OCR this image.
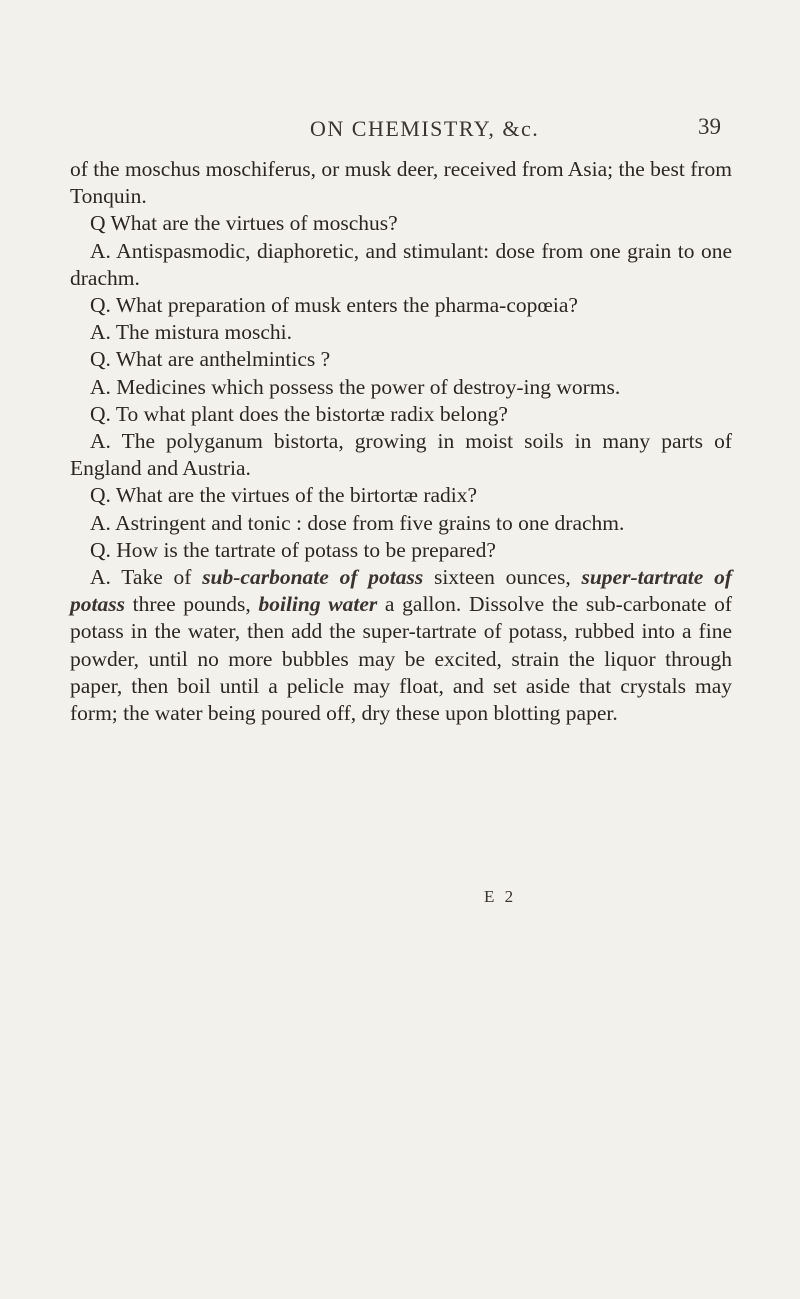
ON CHEMISTRY, &c.	39

of the moschus moschiferus, or musk deer, received from Asia; the best from Tonquin.

Q What are the virtues of moschus?

A. Antispasmodic, diaphoretic, and stimulant: dose from one grain to one drachm.

Q. What preparation of musk enters the pharma-copœia?

A. The mistura moschi.

Q. What are anthelmintics ?

A. Medicines which possess the power of destroy-ing worms.

Q. To what plant does the bistortæ radix belong?

A. The polyganum bistorta, growing in moist soils in many parts of England and Austria.

Q. What are the virtues of the birtortæ radix?

A. Astringent and tonic : dose from five grains to one drachm.

Q. How is the tartrate of potass to be prepared?

A. Take of sub-carbonate of potass sixteen ounces, super-tartrate of potass three pounds, boiling water a gallon. Dissolve the sub-carbonate of potass in the water, then add the super-tartrate of potass, rubbed into a fine powder, until no more bubbles may be excited, strain the liquor through paper, then boil until a pelicle may float, and set aside that crystals may form; the water being poured off, dry these upon blotting paper.

E 2
